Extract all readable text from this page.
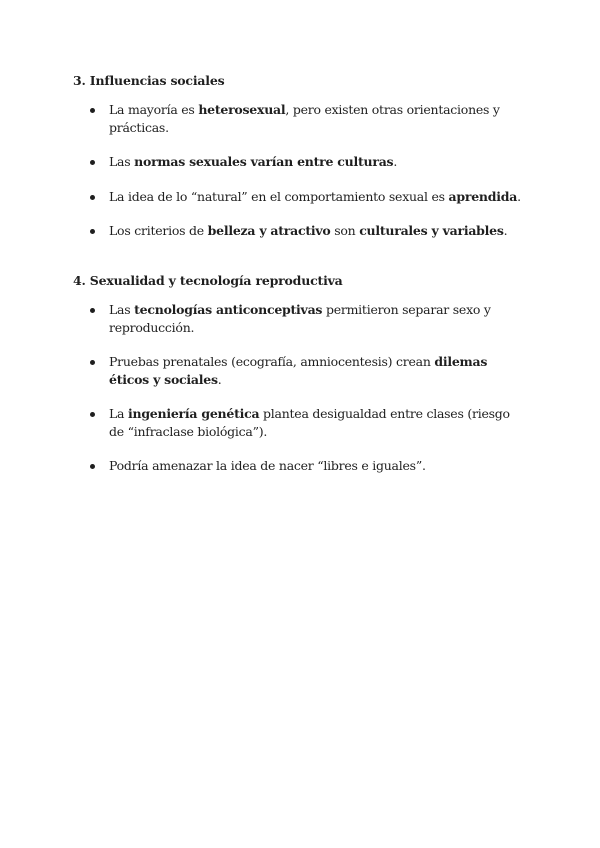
3. Influencias sociales
La mayoría es heterosexual, pero existen otras orientaciones y prácticas.
Las normas sexuales varían entre culturas.
La idea de lo “natural” en el comportamiento sexual es aprendida.
Los criterios de belleza y atractivo son culturales y variables.
4. Sexualidad y tecnología reproductiva
Las tecnologías anticonceptivas permitieron separar sexo y reproducción.
Pruebas prenatales (ecografía, amniocentesis) crean dilemas éticos y sociales.
La ingeniería genética plantea desigualdad entre clases (riesgo de “infraclase biológica”).
Podría amenazar la idea de nacer “libres e iguales”.
